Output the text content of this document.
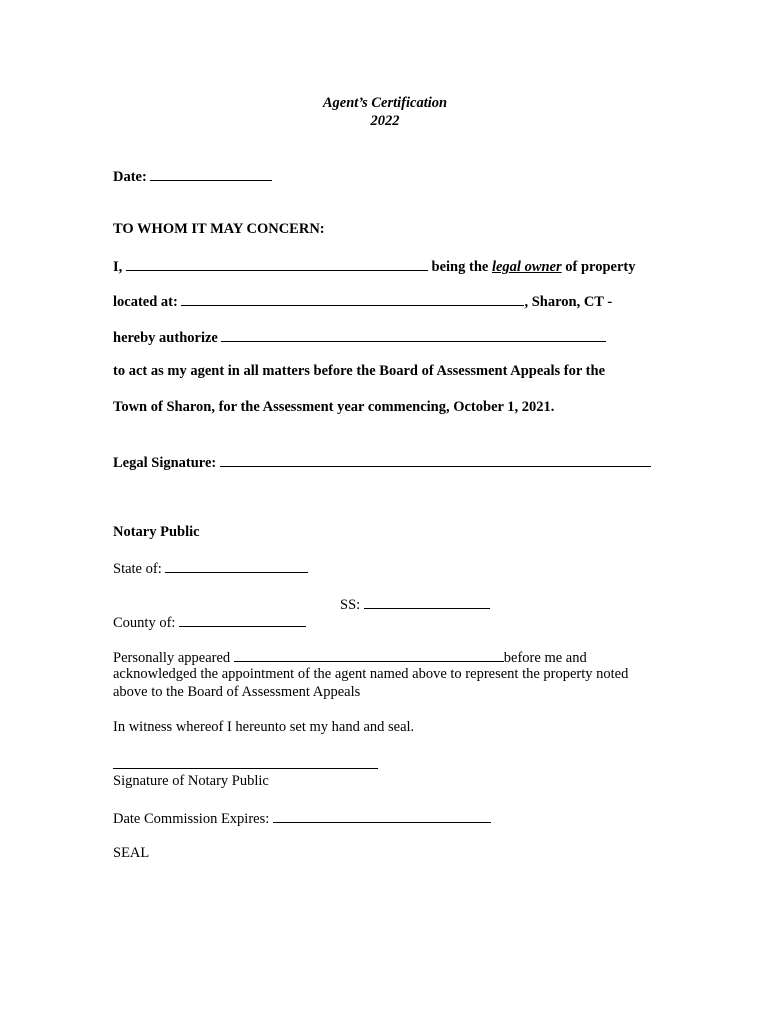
Agent’s Certification
2022
Date:
TO WHOM IT MAY CONCERN:
I,	being the legal owner of property
located at:	, Sharon, CT -
hereby authorize
to act as my agent in all matters before the Board of Assessment Appeals for the
Town of Sharon, for the Assessment year commencing, October 1, 2021.
Legal Signature:
Notary Public
State of:
SS:
County of:
Personally appeared	before me and
acknowledged the appointment of the agent named above to represent the property noted
above to the Board of Assessment Appeals
In witness whereof I hereunto set my hand and seal.
Signature of Notary Public
Date Commission Expires:
SEAL
